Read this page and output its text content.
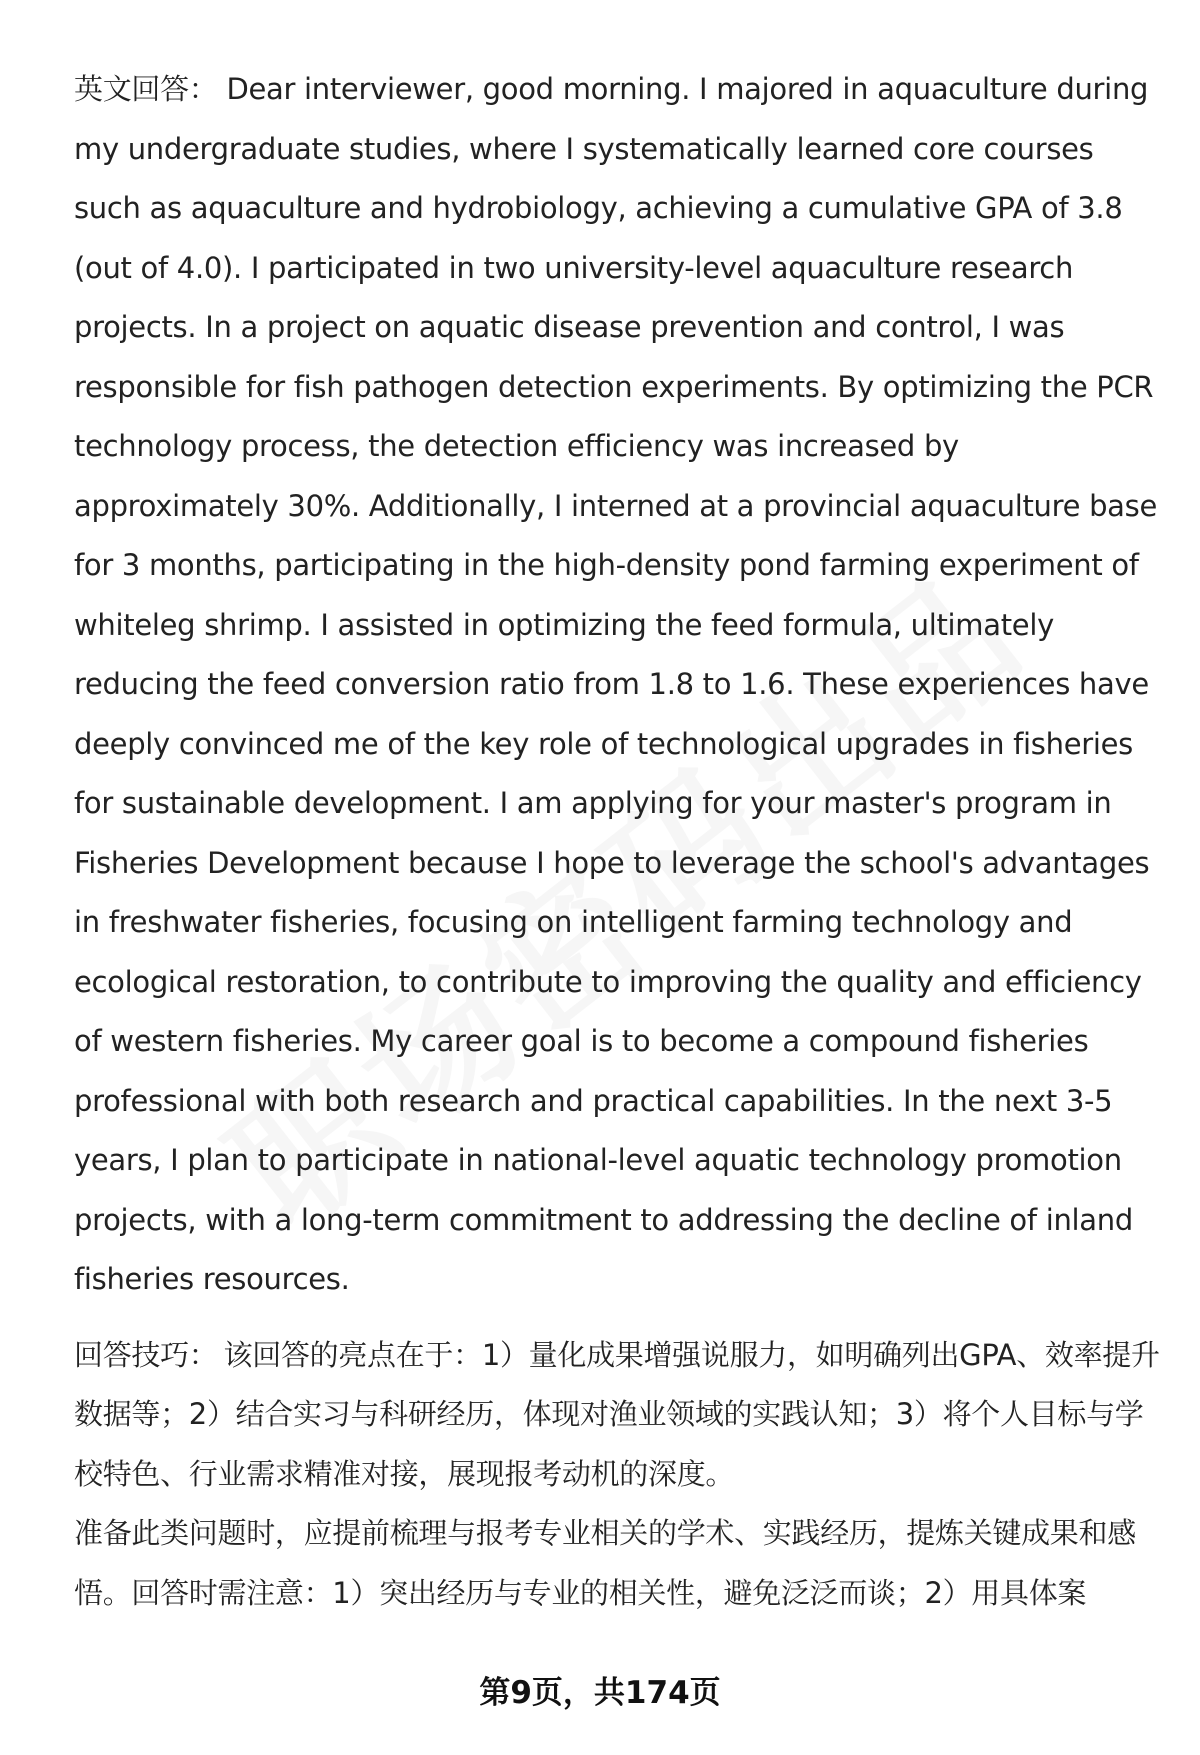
英文回答： Dear interviewer, good morning. I majored in aquaculture during my undergraduate studies, where I systematically learned core courses such as aquaculture and hydrobiology, achieving a cumulative GPA of 3.8 (out of 4.0). I participated in two university-level aquaculture research projects. In a project on aquatic disease prevention and control, I was responsible for fish pathogen detection experiments. By optimizing the PCR technology process, the detection efficiency was increased by approximately 30%. Additionally, I interned at a provincial aquaculture base for 3 months, participating in the high-density pond farming experiment of whiteleg shrimp. I assisted in optimizing the feed formula, ultimately reducing the feed conversion ratio from 1.8 to 1.6. These experiences have deeply convinced me of the key role of technological upgrades in fisheries for sustainable development. I am applying for your master's program in Fisheries Development because I hope to leverage the school's advantages in freshwater fisheries, focusing on intelligent farming technology and ecological restoration, to contribute to improving the quality and efficiency of western fisheries. My career goal is to become a compound fisheries professional with both research and practical capabilities. In the next 3-5 years, I plan to participate in national-level aquatic technology promotion projects, with a long-term commitment to addressing the decline of inland fisheries resources.

回答技巧： 该回答的亮点在于：1）量化成果增强说服力，如明确列出GPA、效率提升数据等；2）结合实习与科研经历，体现对渔业领域的实践认知；3）将个人目标与学校特色、行业需求精准对接，展现报考动机的深度。

准备此类问题时，应提前梳理与报考专业相关的学术、实践经历，提炼关键成果和感悟。回答时需注意：1）突出经历与专业的相关性，避免泛泛而谈；2）用具体案

第9页，共174页
